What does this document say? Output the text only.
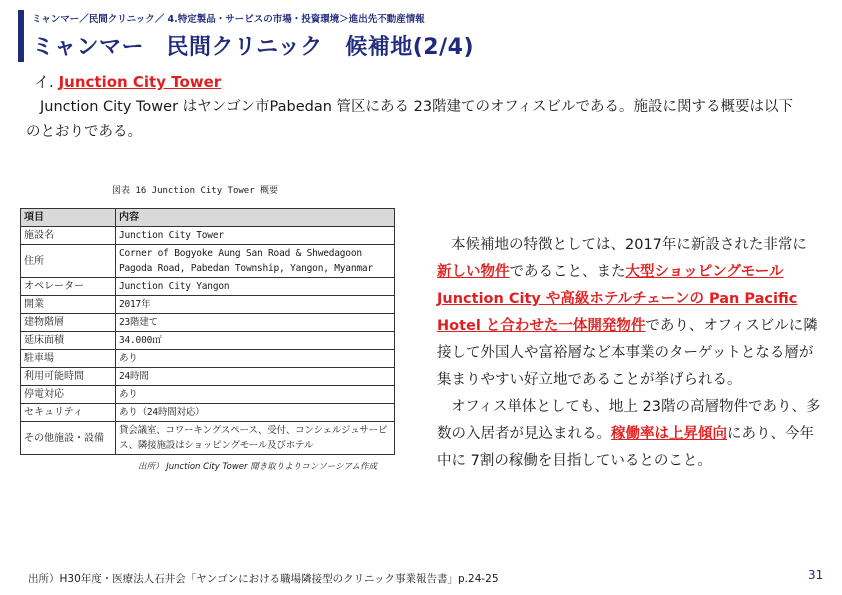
ミャンマー／民間クリニック／ 4.特定製品・サービスの市場・投資環境＞進出先不動産情報
ミャンマー　民間クリニック　候補地(2/4)
イ. Junction City Tower
Junction City Tower はヤンゴン市Pabedan 管区にある 23階建てのオフィスビルである。施設に関する概要は以下のとおりである。
図表 16 Junction City Tower 概要
項目	内容
施設名	Junction City Tower
住所	Corner of Bogyoke Aung San Road & Shwedagoon Pagoda Road, Pabedan Township, Yangon, Myanmar
オペレーター	Junction City Yangon
開業	2017年
建物階層	23階建て
延床面積	34.000㎡
駐車場	あり
利用可能時間	24時間
停電対応	あり
セキュリティ	あり（24時間対応）
その他施設・設備	貸会議室、コワーキングスペース、受付、コンシェルジュサービス、隣接施設はショッピングモール及びホテル
出所） Junction City Tower 聞き取りよりコンソーシアム作成

本候補地の特徴としては、2017年に新設された非常に新しい物件であること、また大型ショッピングモール Junction City や高級ホテルチェーンの Pan Pacific Hotel と合わせた一体開発物件であり、オフィスビルに隣接して外国人や富裕層など本事業のターゲットとなる層が集まりやすい好立地であることが挙げられる。

オフィス単体としても、地上 23階の高層物件であり、多数の入居者が見込まれる。稼働率は上昇傾向にあり、今年中に 7割の稼働を目指しているとのこと。

出所）H30年度・医療法人石井会「ヤンゴンにおける職場隣接型のクリニック事業報告書」p.24-25	31
